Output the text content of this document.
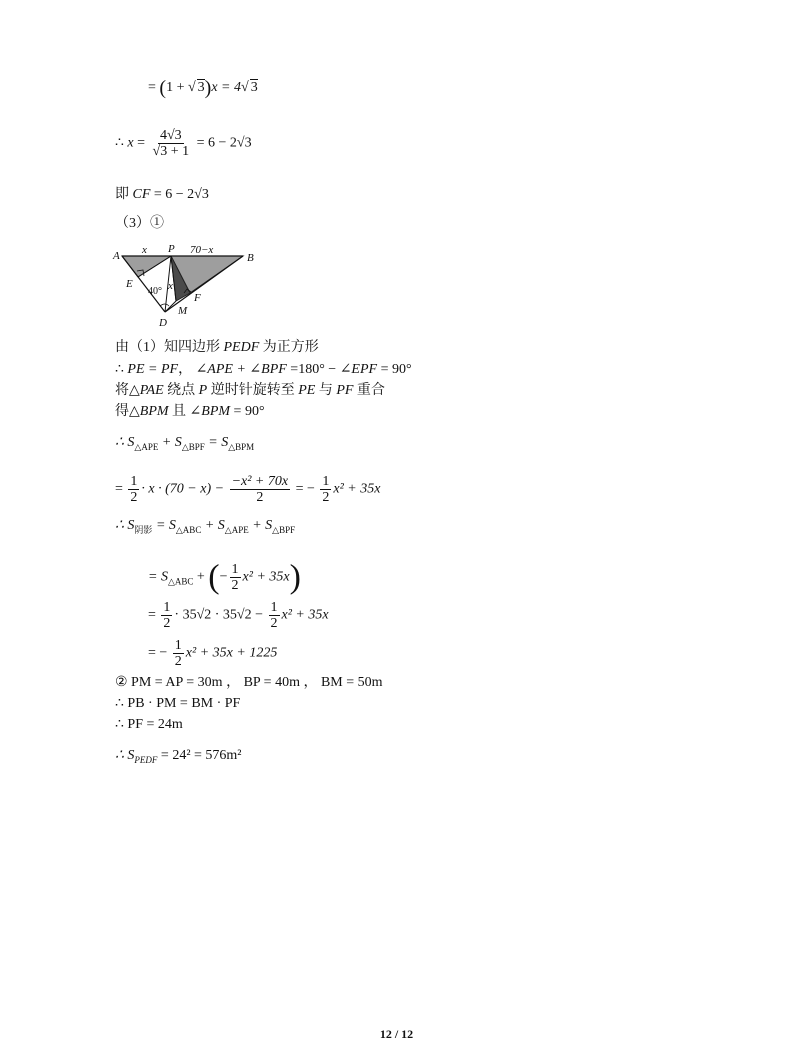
= (1 + √ 3)x = 4√ 3
∴ $x = \frac{4√3}{√3 + 1} = 6 - 2√3$
即 CF = 6 − 2√3
（3）①
A
P
B
E
D
M
F
x	70−x
x
40°
由（1）知四边形 PEDF 为正方形
∴ PE = PF， ∠APE + ∠BPF =180° − ∠EPF = 90°
将△PAE 绕点 P 逆时针旋转至 PE 与 PF 重合
得△BPM 且 ∠BPM = 90°
∴ $S_{\triangle APE} + S_{\triangle BPF} = S_{\triangle BPM}$
= $\frac{1}{2} \cdot x \cdot (70 - x) - \frac{\text{−x² + 70x}}{2}$ = − $\frac{1}{2} x^2 + 35x$
∴ $S_{阴影} = S_{\triangle ABC} + S_{\triangle APE} + S_{\triangle BPF}$
= $S_{\triangle ABC}$ + (− $\frac{1}{2} x^2 + 35x$)
= $\frac{1}{2} \cdot 35√2 \cdot 35√2 - \frac{1}{2} x^2 + 35x$
= − $\frac{1}{2} x^2 + 35x + 1225$
② PM = AP = 30m ， BP = 40m ， BM = 50m
∴ PB · PM = BM · PF
∴ PF = 24m
∴ $S_{PEDF} = 24^2 = 576m^2$
12 / 12
